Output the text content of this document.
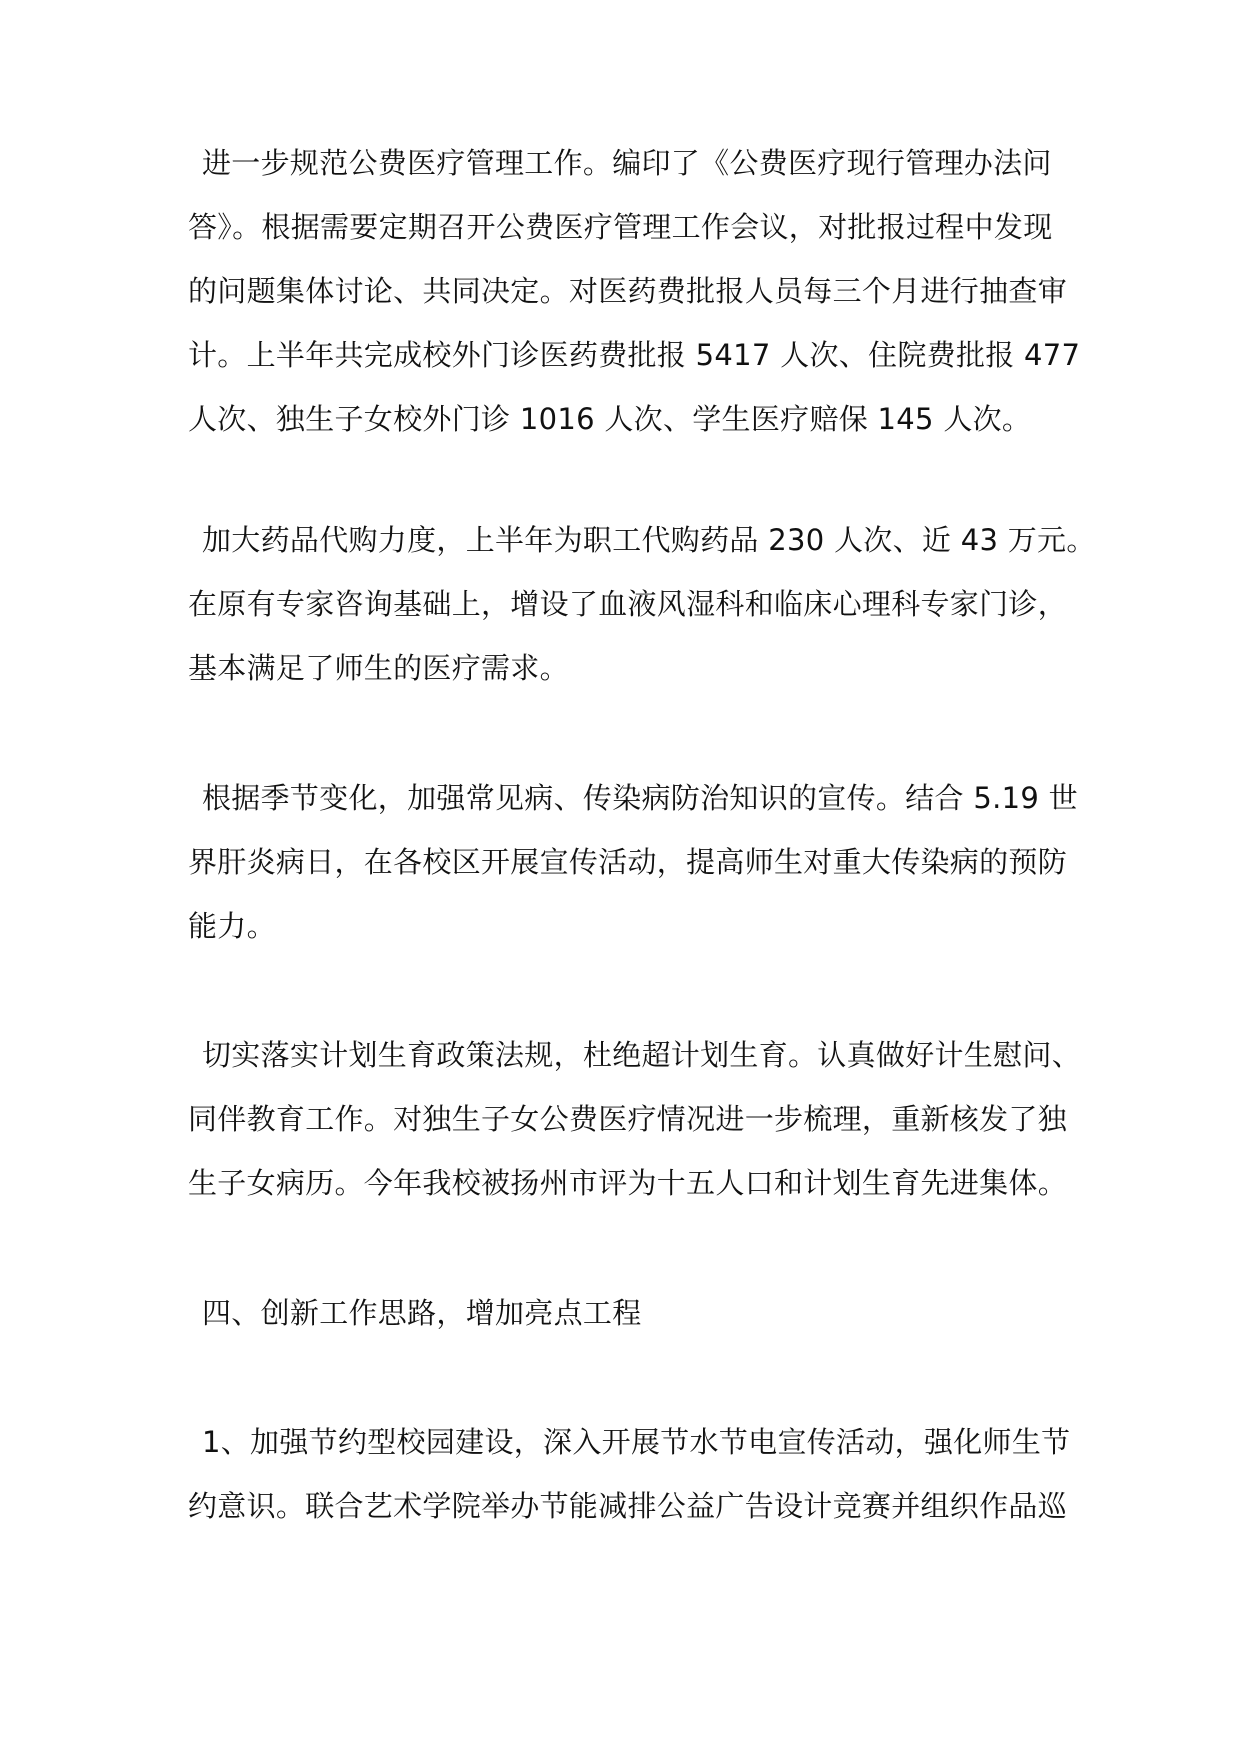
进一步规范公费医疗管理工作。编印了《公费医疗现行管理办法问
答》。根据需要定期召开公费医疗管理工作会议，对批报过程中发现
的问题集体讨论、共同决定。对医药费批报人员每三个月进行抽查审
计。上半年共完成校外门诊医药费批报 5417 人次、住院费批报 477
人次、独生子女校外门诊 1016 人次、学生医疗赔保 145 人次。

加大药品代购力度，上半年为职工代购药品 230 人次、近 43 万元。
在原有专家咨询基础上，增设了血液风湿科和临床心理科专家门诊，
基本满足了师生的医疗需求。

根据季节变化，加强常见病、传染病防治知识的宣传。结合 5.19 世
界肝炎病日，在各校区开展宣传活动，提高师生对重大传染病的预防
能力。

切实落实计划生育政策法规，杜绝超计划生育。认真做好计生慰问、
同伴教育工作。对独生子女公费医疗情况进一步梳理，重新核发了独
生子女病历。今年我校被扬州市评为十五人口和计划生育先进集体。

四、创新工作思路，增加亮点工程

1、加强节约型校园建设，深入开展节水节电宣传活动，强化师生节
约意识。联合艺术学院举办节能减排公益广告设计竞赛并组织作品巡
